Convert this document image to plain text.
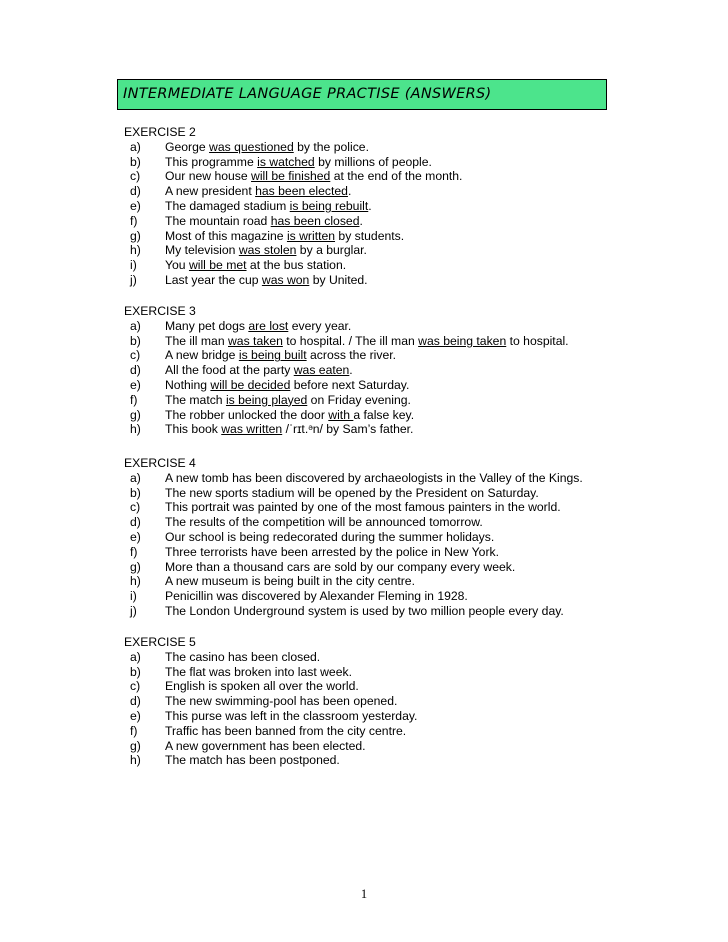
INTERMEDIATE LANGUAGE PRACTISE (ANSWERS)
EXERCISE 2
a) George was questioned by the police.
b) This programme is watched by millions of people.
c) Our new house will be finished at the end of the month.
d) A new president has been elected.
e) The damaged stadium is being rebuilt.
f) The mountain road has been closed.
g) Most of this magazine is written by students.
h) My television was stolen by a burglar.
i) You will be met at the bus station.
j) Last year the cup was won by United.
EXERCISE 3
a) Many pet dogs are lost every year.
b) The ill man was taken to hospital. / The ill man was being taken to hospital.
c) A new bridge is being built across the river.
d) All the food at the party was eaten.
e) Nothing will be decided before next Saturday.
f) The match is being played on Friday evening.
g) The robber unlocked the door with a false key.
h) This book was written /ˈrɪt.ᵊn/ by Sam’s father.
EXERCISE 4
a) A new tomb has been discovered by archaeologists in the Valley of the Kings.
b) The new sports stadium will be opened by the President on Saturday.
c) This portrait was painted by one of the most famous painters in the world.
d) The results of the competition will be announced tomorrow.
e) Our school is being redecorated during the summer holidays.
f) Three terrorists have been arrested by the police in New York.
g) More than a thousand cars are sold by our company every week.
h) A new museum is being built in the city centre.
i) Penicillin was discovered by Alexander Fleming in 1928.
j) The London Underground system is used by two million people every day.
EXERCISE 5
a) The casino has been closed.
b) The flat was broken into last week.
c) English is spoken all over the world.
d) The new swimming-pool has been opened.
e) This purse was left in the classroom yesterday.
f) Traffic has been banned from the city centre.
g) A new government has been elected.
h) The match has been postponed.
1
